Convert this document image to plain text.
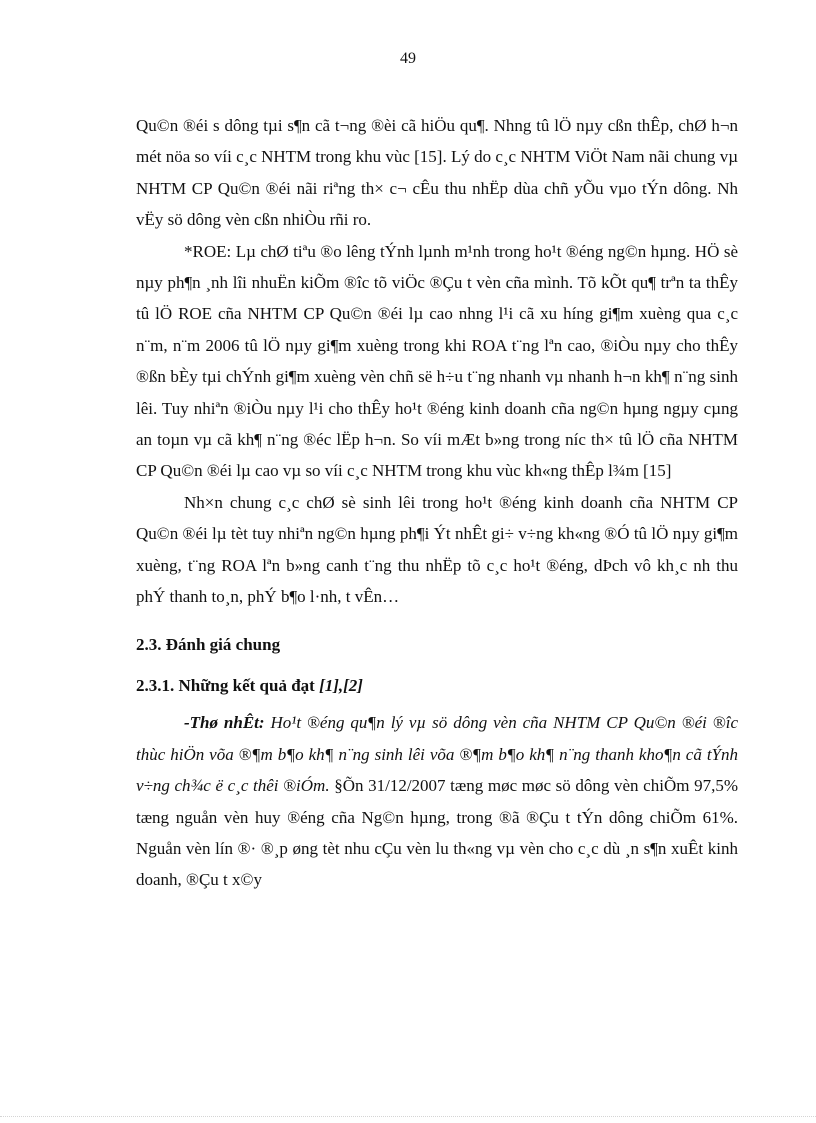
49

Qu©n ®éi s dông tµi s¶n cã t¬ng ®èi cã hiÖu qu¶. Nhng tû lÖ nµy cßn thÊp, chØ h¬n mét nöa so víi c¸c NHTM trong khu vùc [15]. Lý do c¸c NHTM ViÖt Nam nãi chung vµ NHTM CP Qu©n ®éi nãi riªng th× c¬ cÊu thu nhËp dùa chñ yÕu vµo tÝn dông. Nh vËy sö dông vèn cßn nhiÒu rñi ro.

*ROE: Lµ chØ tiªu ®o lêng tÝnh lµnh m¹nh trong ho¹t ®éng ng©n hµng. HÖ sè nµy ph¶n ¸nh lîi nhuËn kiÕm ®îc tõ viÖc ®Çu t vèn cña mình. Tõ kÕt qu¶ trªn ta thÊy tû lÖ ROE cña NHTM CP Qu©n ®éi lµ cao nhng l¹i cã xu híng gi¶m xuèng qua c¸c n¨m, n¨m 2006 tû lÖ nµy gi¶m xuèng trong khi ROA t¨ng lªn cao, ®iÒu nµy cho thÊy ®ßn bÈy tµi chÝnh gi¶m xuèng vèn chñ së h÷u t¨ng nhanh vµ nhanh h¬n kh¶ n¨ng sinh lêi. Tuy nhiªn ®iÒu nµy l¹i cho thÊy ho¹t ®éng kinh doanh cña ng©n hµng ngµy cµng an toµn vµ cã kh¶ n¨ng ®éc lËp h¬n. So víi mÆt b»ng trong níc th× tû lÖ cña NHTM CP Qu©n ®éi lµ cao vµ so víi c¸c NHTM trong khu vùc kh«ng thÊp l¾m [15]

Nh×n chung c¸c chØ sè sinh lêi trong ho¹t ®éng kinh doanh cña NHTM CP Qu©n ®éi lµ tèt tuy nhiªn ng©n hµng ph¶i Ýt nhÊt gi÷ v÷ng kh«ng ®Ó tû lÖ nµy gi¶m xuèng, t¨ng ROA lªn b»ng canh t¨ng thu nhËp tõ c¸c ho¹t ®éng, dÞch vô kh¸c nh thu phÝ thanh to¸n, phÝ b¶o l·nh, t vÊn…

2.3. Đánh giá chung
2.3.1. Những kết quả đạt [1],[2]

-Thø nhÊt: Ho¹t ®éng qu¶n lý vµ sö dông vèn cña NHTM CP Qu©n ®éi ®îc thùc hiÖn võa ®¶m b¶o kh¶ n¨ng sinh lêi võa ®¶m b¶o kh¶ n¨ng thanh kho¶n cã tÝnh v÷ng ch¾c ë c¸c thêi ®iÓm. §Õn 31/12/2007 tæng møc møc sö dông vèn chiÕm 97,5% tæng nguån vèn huy ®éng cña Ng©n hµng, trong ®ã ®Çu t tÝn dông chiÕm 61%. Nguån vèn lín ®· ®¸p øng tèt nhu cÇu vèn lu th«ng vµ vèn cho c¸c dù ¸n s¶n xuÊt kinh doanh, ®Çu t x©y
